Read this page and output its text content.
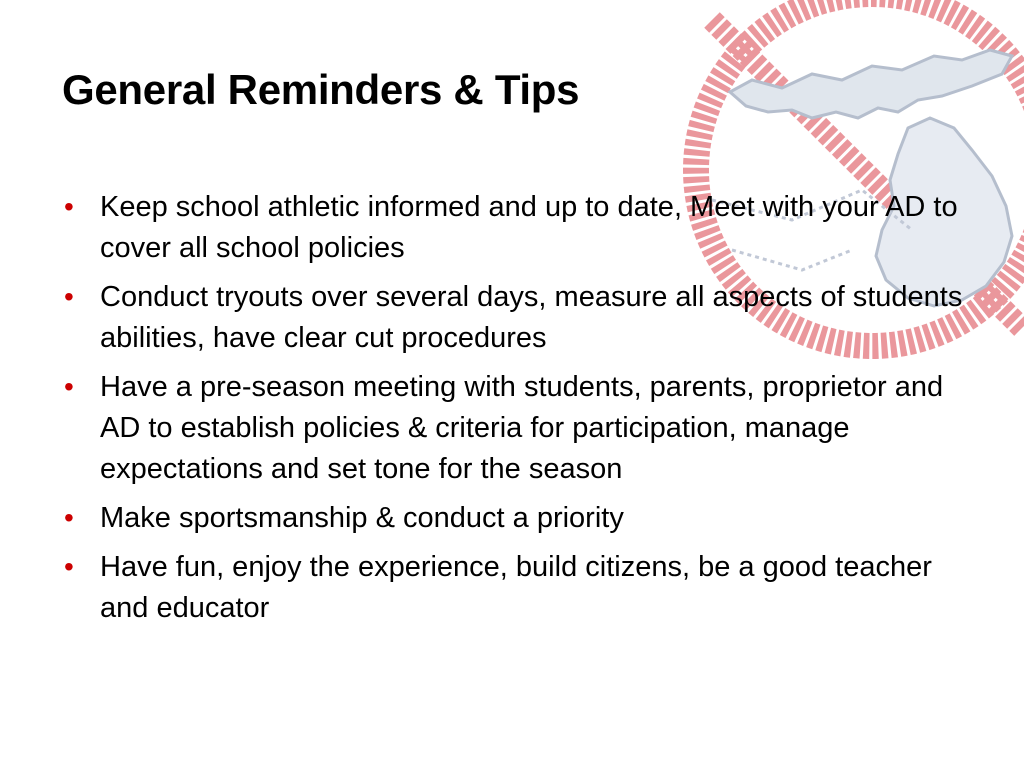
General Reminders & Tips
• Keep school athletic informed and up to date, Meet with your AD to cover all school policies
• Conduct tryouts over several days, measure all aspects of students abilities, have clear cut procedures
• Have a pre-season meeting with students, parents, proprietor and AD to establish policies & criteria for participation, manage expectations and set tone for the season
• Make sportsmanship & conduct a priority
• Have fun, enjoy the experience, build citizens, be a good teacher and educator
